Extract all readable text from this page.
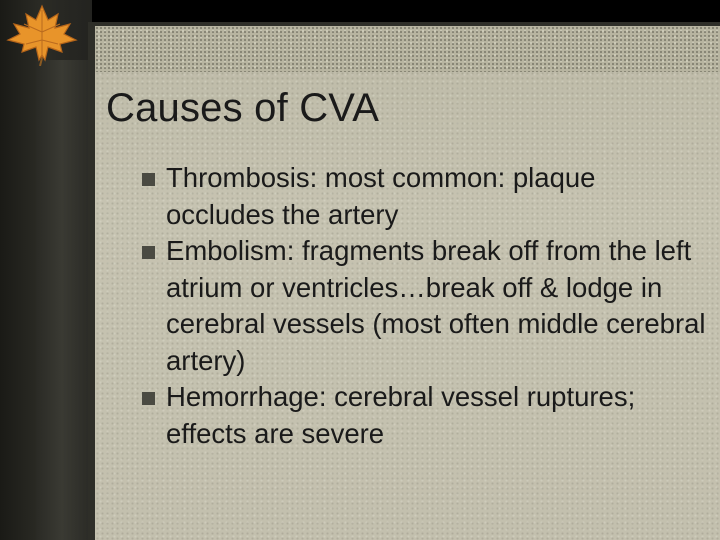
Causes of CVA
Thrombosis: most common: plaque occludes the artery
Embolism: fragments break off from the left atrium or ventricles…break off & lodge in cerebral vessels (most often middle cerebral artery)
Hemorrhage: cerebral vessel ruptures; effects are severe
